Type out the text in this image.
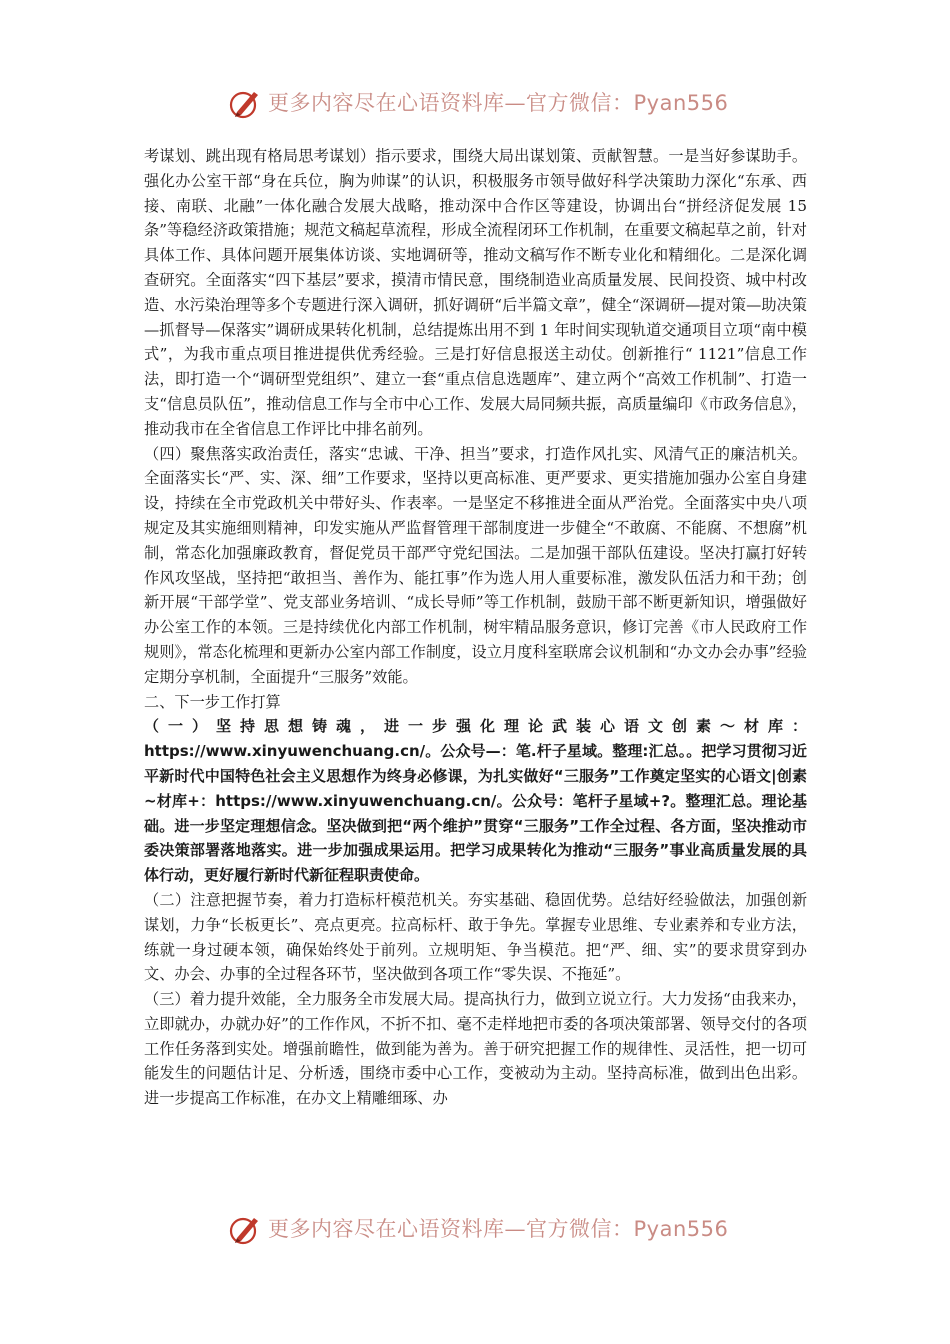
更多内容尽在心语资料库—官方微信：Pyan556

考谋划、跳出现有格局思考谋划）指示要求，围绕大局出谋划策、贡献智慧。一是当好参谋助手。强化办公室干部“身在兵位，胸为帅谋”的认识，积极服务市领导做好科学决策助力深化“东承、西接、南联、北融”一体化融合发展大战略，推动深中合作区等建设，协调出台“拼经济促发展 15 条”等稳经济政策措施；规范文稿起草流程，形成全流程闭环工作机制，在重要文稿起草之前，针对具体工作、具体问题开展集体访谈、实地调研等，推动文稿写作不断专业化和精细化。二是深化调查研究。全面落实“四下基层”要求，摸清市情民意，围绕制造业高质量发展、民间投资、城中村改造、水污染治理等多个专题进行深入调研，抓好调研“后半篇文章”，健全“深调研—提对策—助决策—抓督导—保落实”调研成果转化机制，总结提炼出用不到 1 年时间实现轨道交通项目立项“南中模式”，为我市重点项目推进提供优秀经验。三是打好信息报送主动仗。创新推行“ 1121”信息工作法，即打造一个“调研型党组织”、建立一套“重点信息选题库”、建立两个“高效工作机制”、打造一支“信息员队伍”，推动信息工作与全市中心工作、发展大局同频共振，高质量编印《市政务信息》，推动我市在全省信息工作评比中排名前列。

（四）聚焦落实政治责任，落实“忠诚、干净、担当”要求，打造作风扎实、风清气正的廉洁机关。全面落实长“严、实、深、细”工作要求，坚持以更高标准、更严要求、更实措施加强办公室自身建设，持续在全市党政机关中带好头、作表率。一是坚定不移推进全面从严治党。全面落实中央八项规定及其实施细则精神，印发实施从严监督管理干部制度进一步健全“不敢腐、不能腐、不想腐”机制，常态化加强廉政教育，督促党员干部严守党纪国法。二是加强干部队伍建设。坚决打赢打好转作风攻坚战，坚持把“敢担当、善作为、能扛事”作为选人用人重要标准，激发队伍活力和干劲；创新开展“干部学堂”、党支部业务培训、“成长导师”等工作机制，鼓励干部不断更新知识，增强做好办公室工作的本领。三是持续优化内部工作机制，树牢精品服务意识，修订完善《市人民政府工作规则》，常态化梳理和更新办公室内部工作制度，设立月度科室联席会议机制和“办文办会办事”经验定期分享机制，全面提升“三服务”效能。

二、下一步工作打算

（一）坚持思想铸魂，进一步强化理论武装心语文创素～材库：https://www.xinyuwenchuang.cn/。公众号—：笔.杆子星域。整理:汇总。。把学习贯彻习近平新时代中国特色社会主义思想作为终身必修课，为扎实做好“三服务”工作奠定坚实的心语文|创素~材库+：https://www.xinyuwenchuang.cn/。公众号：笔杆子星域+?。整理汇总。理论基础。进一步坚定理想信念。坚决做到把“两个维护”贯穿“三服务”工作全过程、各方面，坚决推动市委决策部署落地落实。进一步加强成果运用。把学习成果转化为推动“三服务”事业高质量发展的具体行动，更好履行新时代新征程职责使命。

（二）注意把握节奏，着力打造标杆模范机关。夯实基础、稳固优势。总结好经验做法，加强创新谋划，力争“长板更长”、亮点更亮。拉高标杆、敢于争先。掌握专业思维、专业素养和专业方法，练就一身过硬本领，确保始终处于前列。立规明矩、争当模范。把“严、细、实”的要求贯穿到办文、办会、办事的全过程各环节，坚决做到各项工作“零失误、不拖延”。

（三）着力提升效能，全力服务全市发展大局。提高执行力，做到立说立行。大力发扬“由我来办，立即就办，办就办好”的工作作风，不折不扣、毫不走样地把市委的各项决策部署、领导交付的各项工作任务落到实处。增强前瞻性，做到能为善为。善于研究把握工作的规律性、灵活性，把一切可能发生的问题估计足、分析透，围绕市委中心工作，变被动为主动。坚持高标准，做到出色出彩。进一步提高工作标准，在办文上精雕细琢、办

更多内容尽在心语资料库—官方微信：Pyan556
